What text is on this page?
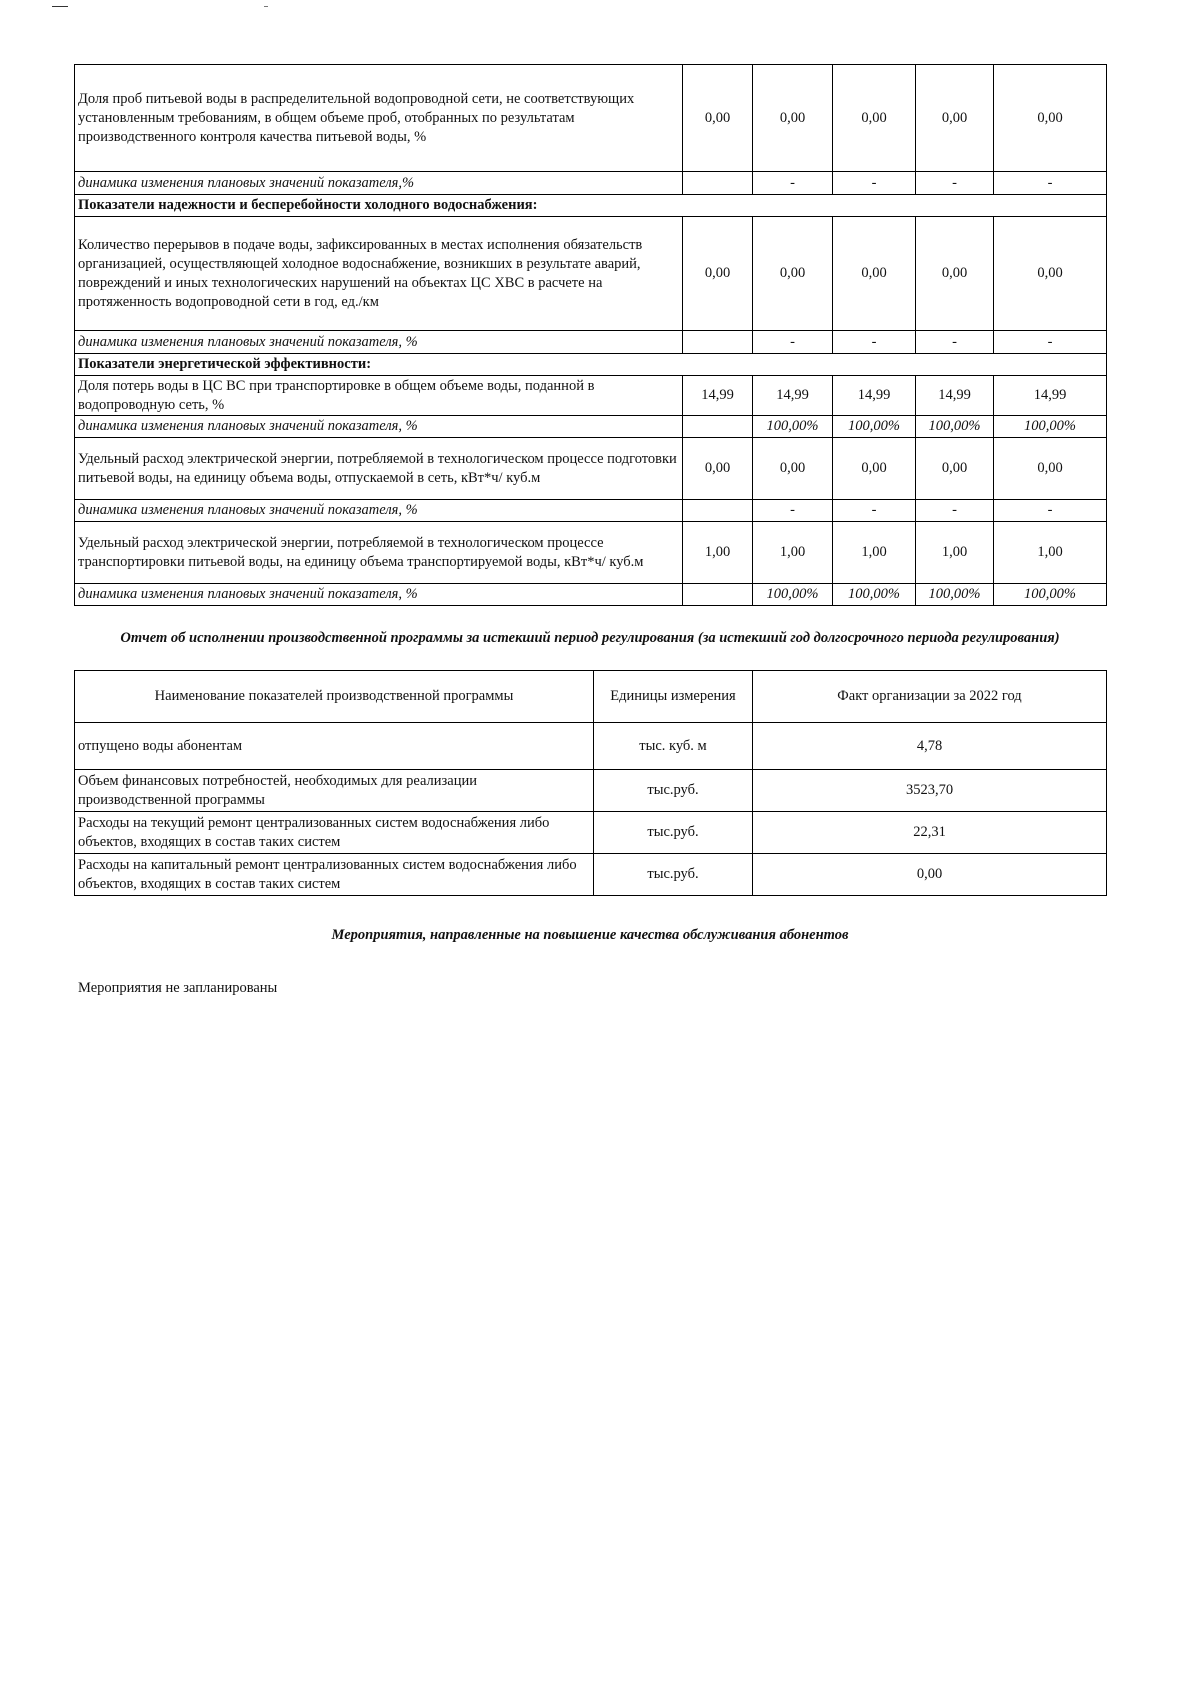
Доля проб питьевой воды в распределительной водопроводной сети, не соответствующих установленным требованиям, в общем объеме проб, отобранных по результатам производственного контроля качества питьевой воды, %	0,00	0,00	0,00	0,00	0,00
динамика изменения плановых значений показателя,%		-	-	-	-
Показатели надежности и бесперебойности холодного водоснабжения:					
Количество перерывов в подаче воды, зафиксированных в местах исполнения обязательств организацией, осуществляющей холодное водоснабжение, возникших в результате аварий, повреждений и иных технологических нарушений на объектах ЦС ХВС в расчете на протяженность водопроводной сети в год, ед./км	0,00	0,00	0,00	0,00	0,00
динамика изменения плановых значений показателя, %		-	-	-	-
Показатели энергетической эффективности:					
Доля потерь воды в ЦС ВС при транспортировке в общем объеме воды, поданной в водопроводную сеть, %	14,99	14,99	14,99	14,99	14,99
динамика изменения плановых значений показателя, %		100,00%	100,00%	100,00%	100,00%
Удельный расход электрической энергии, потребляемой в технологическом процессе подготовки питьевой воды, на единицу объема воды, отпускаемой в сеть, кВт*ч/ куб.м	0,00	0,00	0,00	0,00	0,00
динамика изменения плановых значений показателя, %		-	-	-	-
Удельный расход электрической энергии, потребляемой в технологическом процессе транспортировки питьевой воды, на единицу объема транспортируемой воды, кВт*ч/ куб.м	1,00	1,00	1,00	1,00	1,00
динамика изменения плановых значений показателя, %		100,00%	100,00%	100,00%	100,00%
Отчет об исполнении производственной программы за истекший период регулирования (за истекший год долгосрочного периода регулирования)
Наименование показателей производственной программы	Единицы измерения	Факт организации за 2022 год
отпущено воды абонентам	тыс. куб. м	4,78
Объем финансовых потребностей, необходимых для реализации производственной программы	тыс.руб.	3523,70
Расходы на текущий ремонт централизованных систем водоснабжения либо объектов, входящих в состав таких систем	тыс.руб.	22,31
Расходы на капитальный ремонт централизованных систем водоснабжения либо объектов, входящих в состав таких систем	тыс.руб.	0,00
Мероприятия, направленные на повышение качества обслуживания абонентов
Мероприятия не запланированы
